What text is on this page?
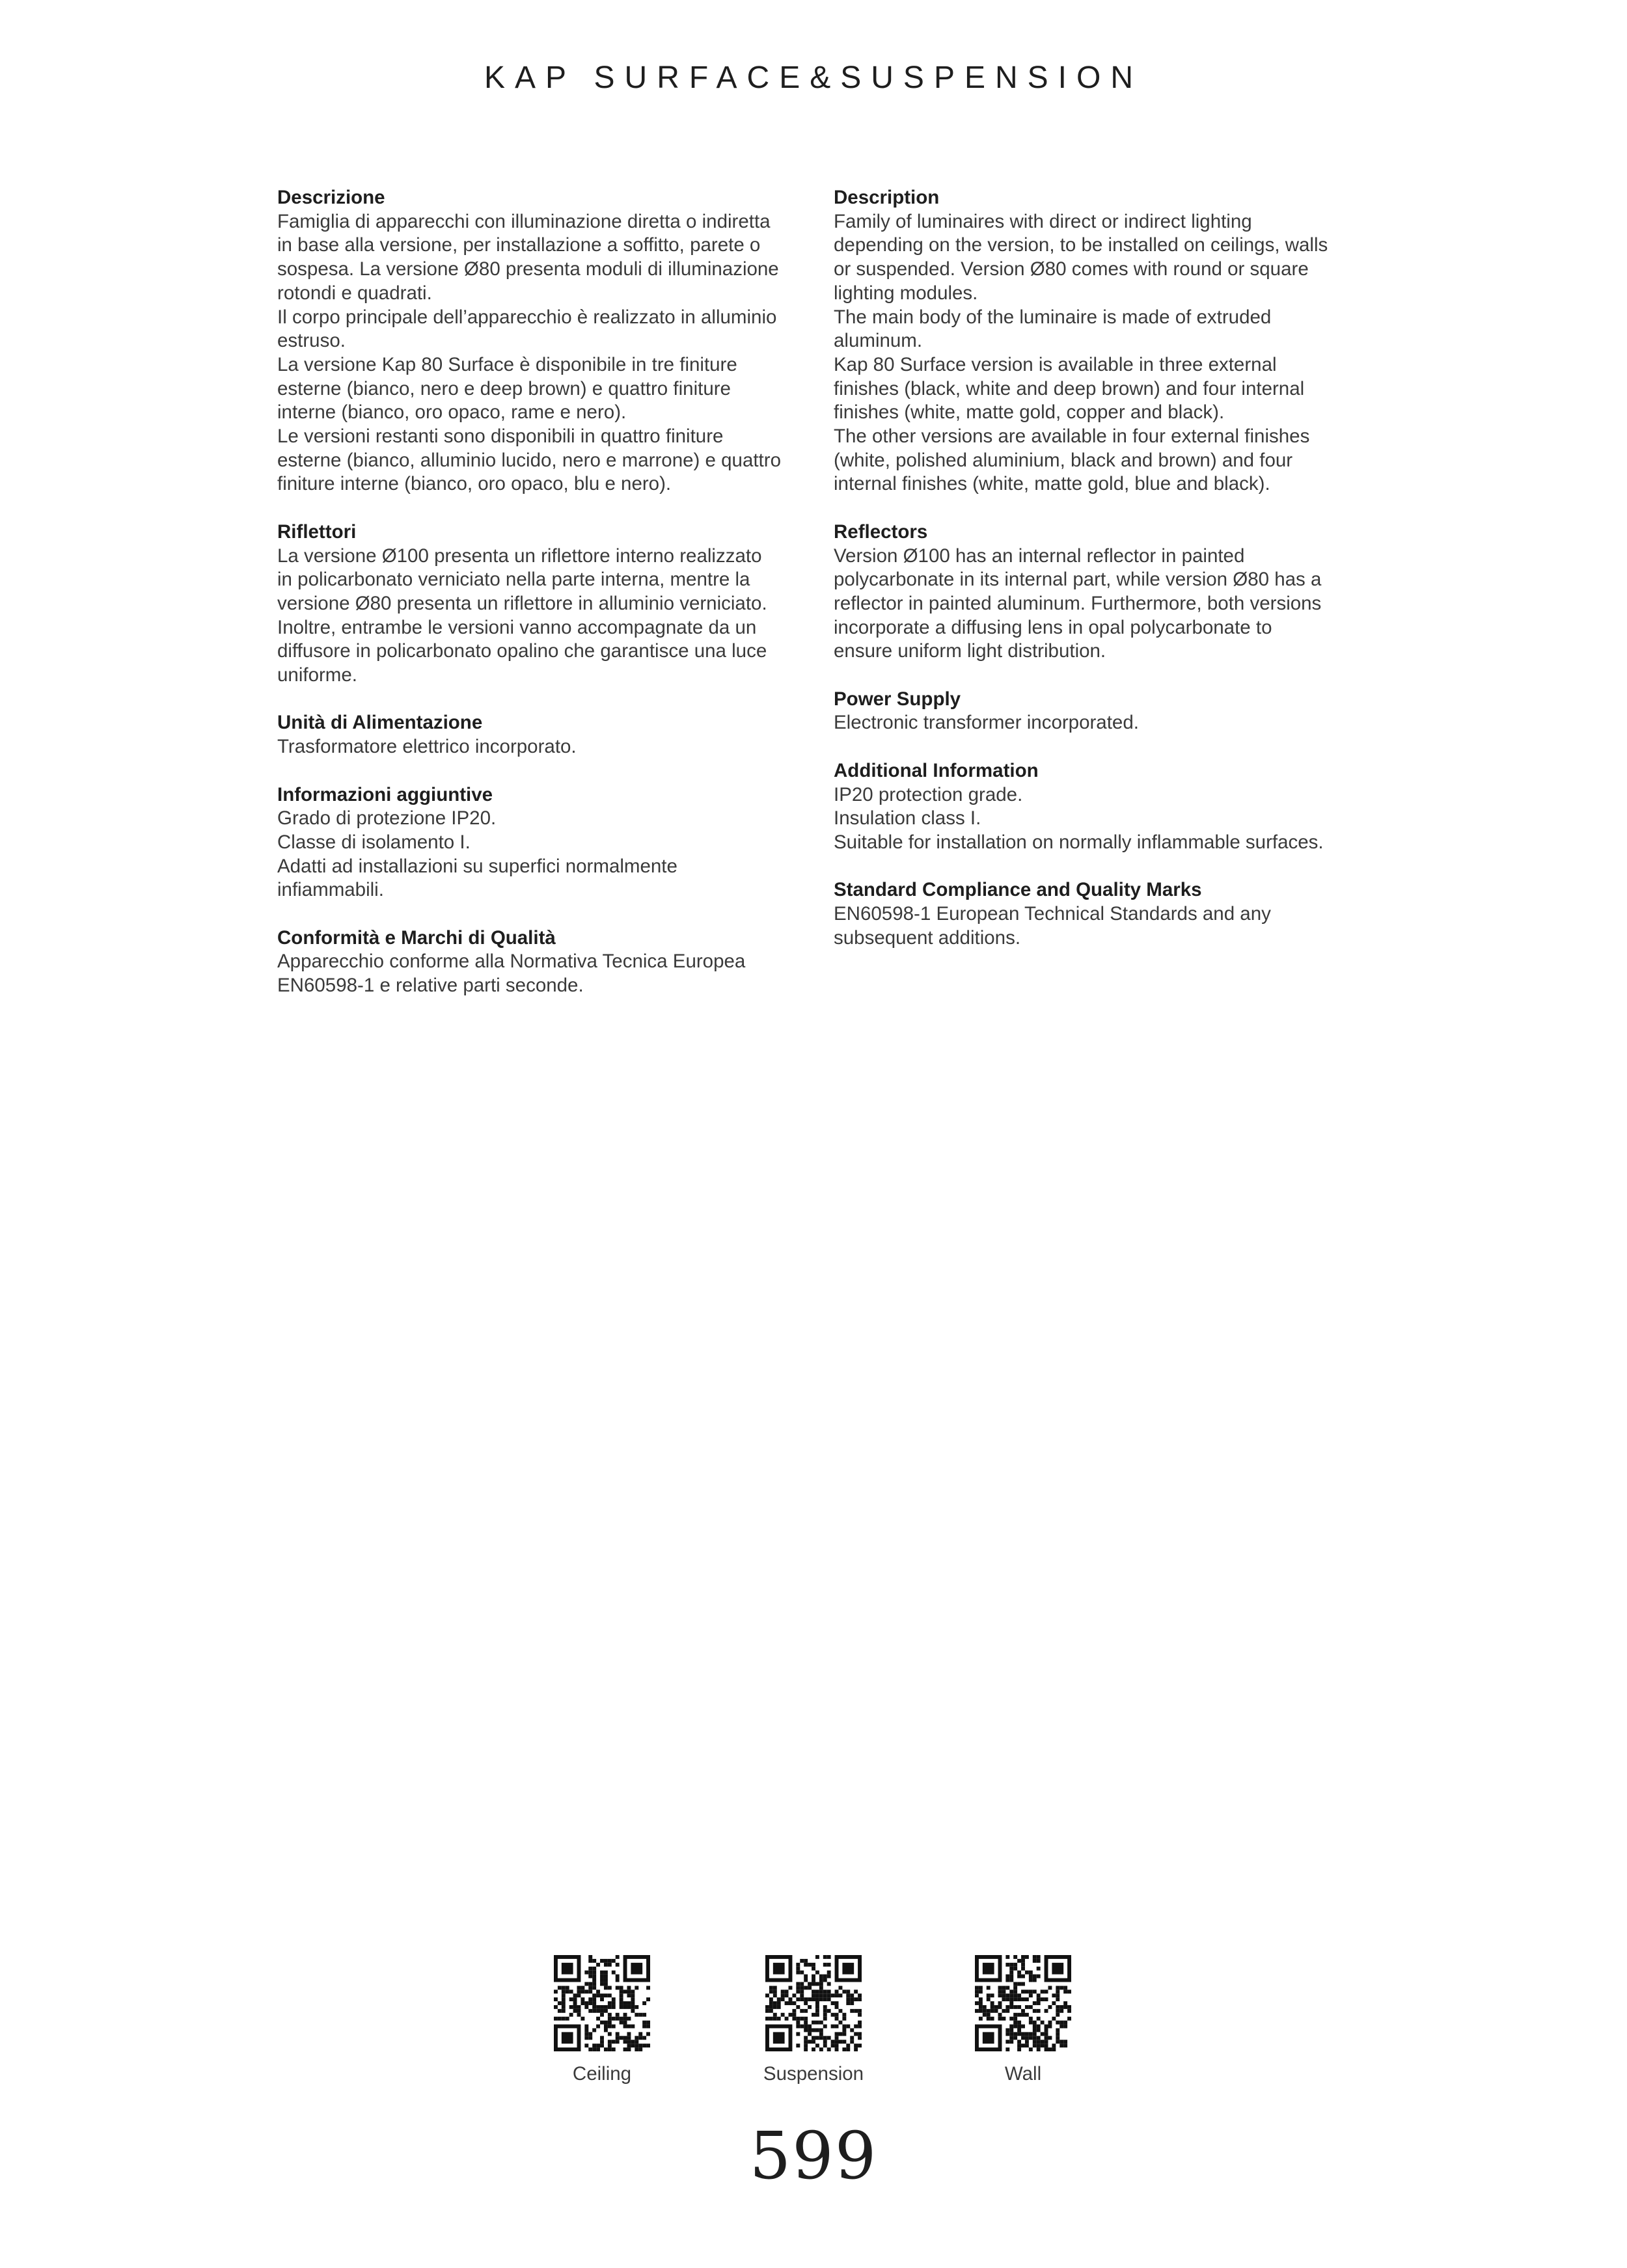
KAP SURFACE&SUSPENSION
Descrizione

Famiglia di apparecchi con illuminazione diretta o indiretta
in base alla versione, per installazione a soffitto, parete o
sospesa. La versione Ø80 presenta moduli di illuminazione
rotondi e quadrati.
Il corpo principale dell’apparecchio è realizzato in alluminio
estruso.
La versione Kap 80 Surface è disponibile in tre finiture
esterne (bianco, nero e deep brown) e quattro finiture
interne (bianco, oro opaco, rame e nero).
Le versioni restanti sono disponibili in quattro finiture
esterne (bianco, alluminio lucido, nero e marrone) e quattro
finiture interne (bianco, oro opaco, blu e nero).

Riflettori

La versione Ø100 presenta un riflettore interno realizzato
in policarbonato verniciato nella parte interna, mentre la
versione Ø80 presenta un riflettore in alluminio verniciato.
Inoltre, entrambe le versioni vanno accompagnate da un
diffusore in policarbonato opalino che garantisce una luce
uniforme.

Unità di Alimentazione

Trasformatore elettrico incorporato.

Informazioni aggiuntive

Grado di protezione IP20.
Classe di isolamento I.
Adatti ad installazioni su superfici normalmente
infiammabili.

Conformità e Marchi di Qualità

Apparecchio conforme alla Normativa Tecnica Europea
EN60598-1 e relative parti seconde.

Description

Family of luminaires with direct or indirect lighting
depending on the version, to be installed on ceilings, walls
or suspended. Version Ø80 comes with round or square
lighting modules.
The main body of the luminaire is made of extruded
aluminum.
Kap 80 Surface version is available in three external
finishes (black, white and deep brown) and four internal
finishes (white, matte gold, copper and black).
The other versions are available in four external finishes
(white, polished aluminium, black and brown) and four
internal finishes (white, matte gold, blue and black).

Reflectors

Version Ø100 has an internal reflector in painted
polycarbonate in its internal part, while version Ø80 has a
reflector in painted aluminum. Furthermore, both versions
incorporate a diffusing lens in opal polycarbonate to
ensure uniform light distribution.

Power Supply

Electronic transformer incorporated.

Additional Information

IP20 protection grade.
Insulation class I.
Suitable for installation on normally inflammable surfaces.

Standard Compliance and Quality Marks

EN60598-1 European Technical Standards and any
subsequent additions.

Ceiling	Suspension	Wall
599
